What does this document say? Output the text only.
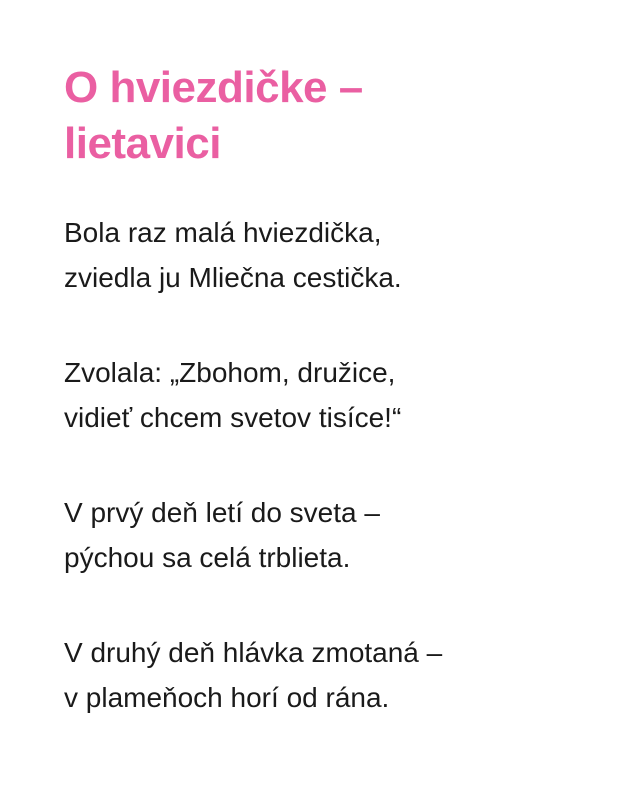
O hviezdičke –
lietavici

Bola raz malá hviezdička,
zviedla ju Mliečna cestička.

Zvolala: „Zbohom, družice,
vidieť chcem svetov tisíce!“

V prvý deň letí do sveta –
pýchou sa celá trblieta.

V druhý deň hlávka zmotaná –
v plameňoch horí od rána.
